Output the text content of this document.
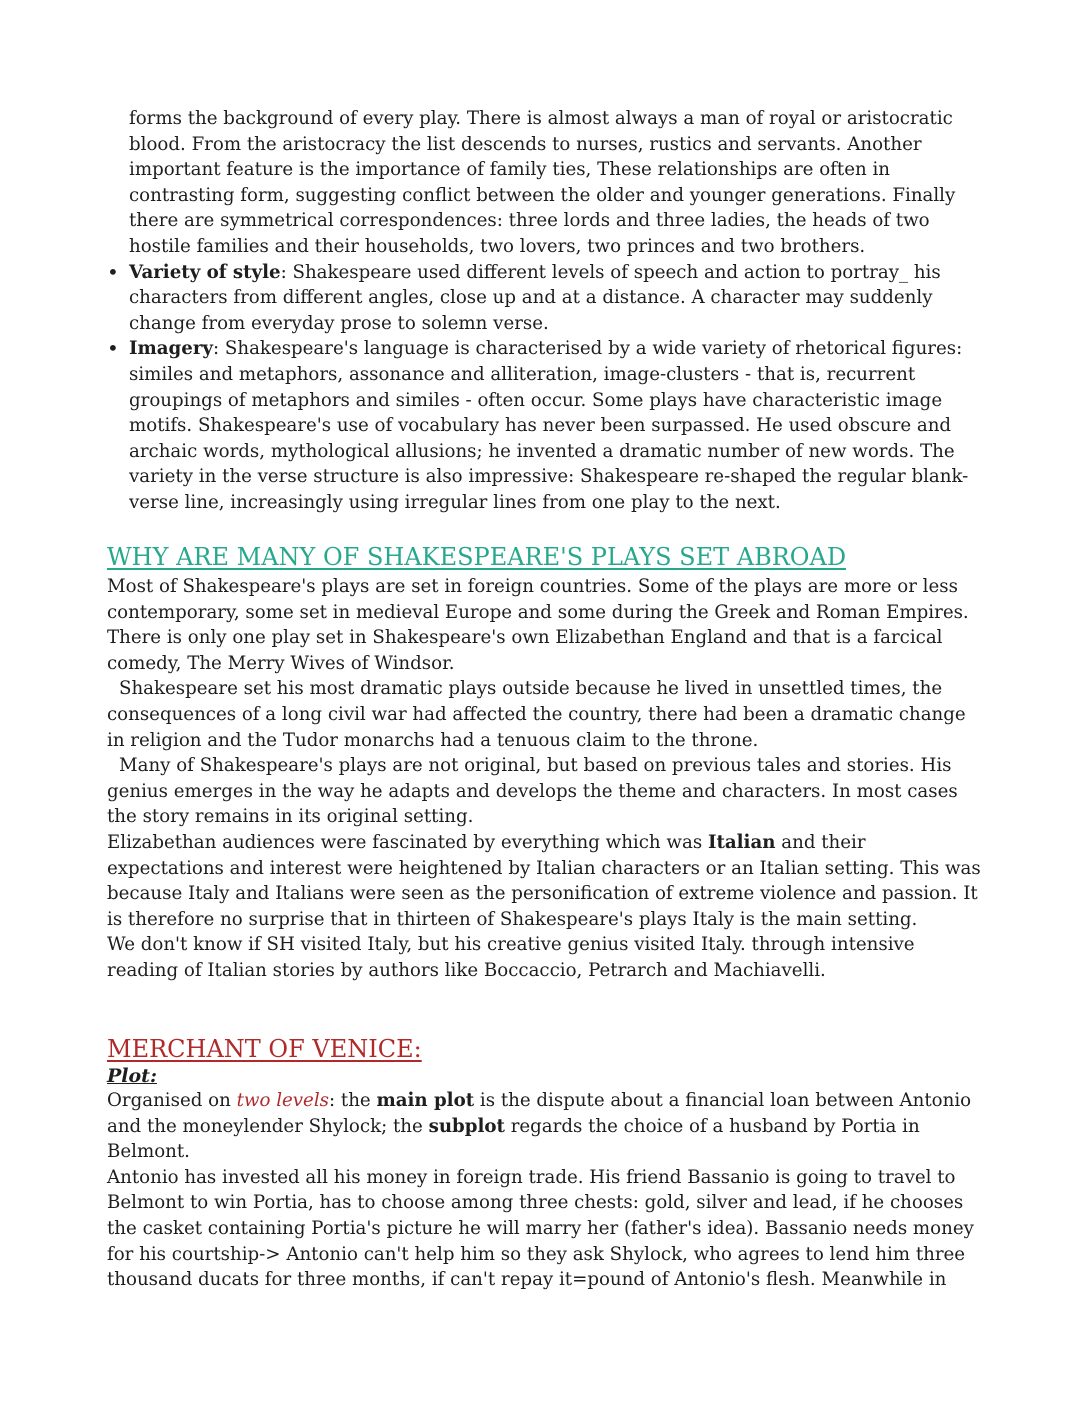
forms the background of every play. There is almost always a man of royal or aristocratic blood. From the aristocracy the list descends to nurses, rustics and servants. Another important feature is the importance of family ties, These relationships are often in contrasting form, suggesting conflict between the older and younger generations. Finally there are symmetrical correspondences: three lords and three ladies, the heads of two hostile families and their households, two lovers, two princes and two brothers.

• Variety of style: Shakespeare used different levels of speech and action to portray_ his characters from different angles, close up and at a distance. A character may suddenly change from everyday prose to solemn verse.

• Imagery: Shakespeare's language is characterised by a wide variety of rhetorical figures: similes and metaphors, assonance and alliteration, image-clusters - that is, recurrent groupings of metaphors and similes - often occur. Some plays have characteristic image motifs. Shakespeare's use of vocabulary has never been surpassed. He used obscure and archaic words, mythological allusions; he invented a dramatic number of new words. The variety in the verse structure is also impressive: Shakespeare re-shaped the regular blank-verse line, increasingly using irregular lines from one play to the next.

WHY ARE MANY OF SHAKESPEARE'S PLAYS SET ABROAD

Most of Shakespeare's plays are set in foreign countries. Some of the plays are more or less contemporary, some set in medieval Europe and some during the Greek and Roman Empires. There is only one play set in Shakespeare's own Elizabethan England and that is a farcical comedy, The Merry Wives of Windsor.

Shakespeare set his most dramatic plays outside because he lived in unsettled times, the consequences of a long civil war had affected the country, there had been a dramatic change in religion and the Tudor monarchs had a tenuous claim to the throne.

Many of Shakespeare's plays are not original, but based on previous tales and stories. His genius emerges in the way he adapts and develops the theme and characters. In most cases the story remains in its original setting.

Elizabethan audiences were fascinated by everything which was Italian and their expectations and interest were heightened by Italian characters or an Italian setting. This was because Italy and Italians were seen as the personification of extreme violence and passion. It is therefore no surprise that in thirteen of Shakespeare's plays Italy is the main setting.

We don't know if SH visited Italy, but his creative genius visited Italy. through intensive reading of Italian stories by authors like Boccaccio, Petrarch and Machiavelli.

MERCHANT OF VENICE:

Plot:

Organised on two levels: the main plot is the dispute about a financial loan between Antonio and the moneylender Shylock; the subplot regards the choice of a husband by Portia in Belmont.

Antonio has invested all his money in foreign trade. His friend Bassanio is going to travel to Belmont to win Portia, has to choose among three chests: gold, silver and lead, if he chooses the casket containing Portia's picture he will marry her (father's idea). Bassanio needs money for his courtship-> Antonio can't help him so they ask Shylock, who agrees to lend him three thousand ducats for three months, if can't repay it=pound of Antonio's flesh. Meanwhile in
